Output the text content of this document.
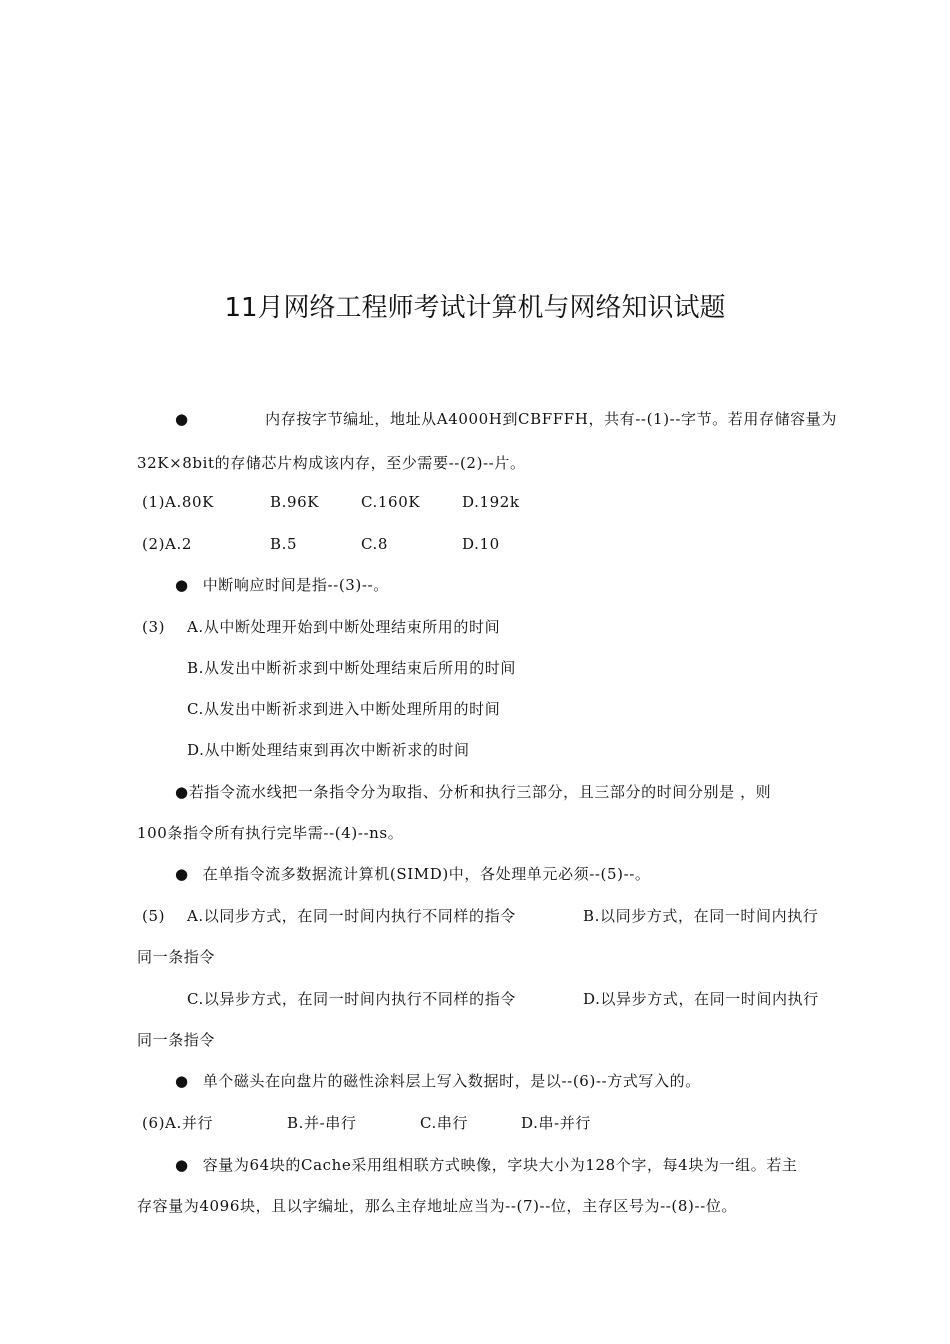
11月网络工程师考试计算机与网络知识试题
●	内存按字节编址，地址从A4000H到CBFFFH，共有--(1)--字节。若用存储容量为
32K×8bit的存储芯片构成该内存，至少需要--(2)--片。
(1)A.80K	B.96K	C.160K	D.192k
(2)A.2	B.5	C.8	D.10
● 中断响应时间是指--(3)--。
(3) A.从中断处理开始到中断处理结束所用的时间
B.从发出中断祈求到中断处理结束后所用的时间
C.从发出中断祈求到进入中断处理所用的时间
D.从中断处理结束到再次中断祈求的时间
●若指令流水线把一条指令分为取指、分析和执行三部分，且三部分的时间分别是 ，则
100条指令所有执行完毕需--(4)--ns。
● 在单指令流多数据流计算机(SIMD)中，各处理单元必须--(5)--。
(5) A.以同步方式，在同一时间内执行不同样的指令	B.以同步方式，在同一时间内执行
同一条指令
C.以异步方式，在同一时间内执行不同样的指令	D.以异步方式，在同一时间内执行
同一条指令
● 单个磁头在向盘片的磁性涂料层上写入数据时，是以--(6)--方式写入的。
(6)A.并行	B.并-串行	C.串行	D.串-并行
● 容量为64块的Cache采用组相联方式映像，字块大小为128个字，每4块为一组。若主
存容量为4096块，且以字编址，那么主存地址应当为--(7)--位，主存区号为--(8)--位。
